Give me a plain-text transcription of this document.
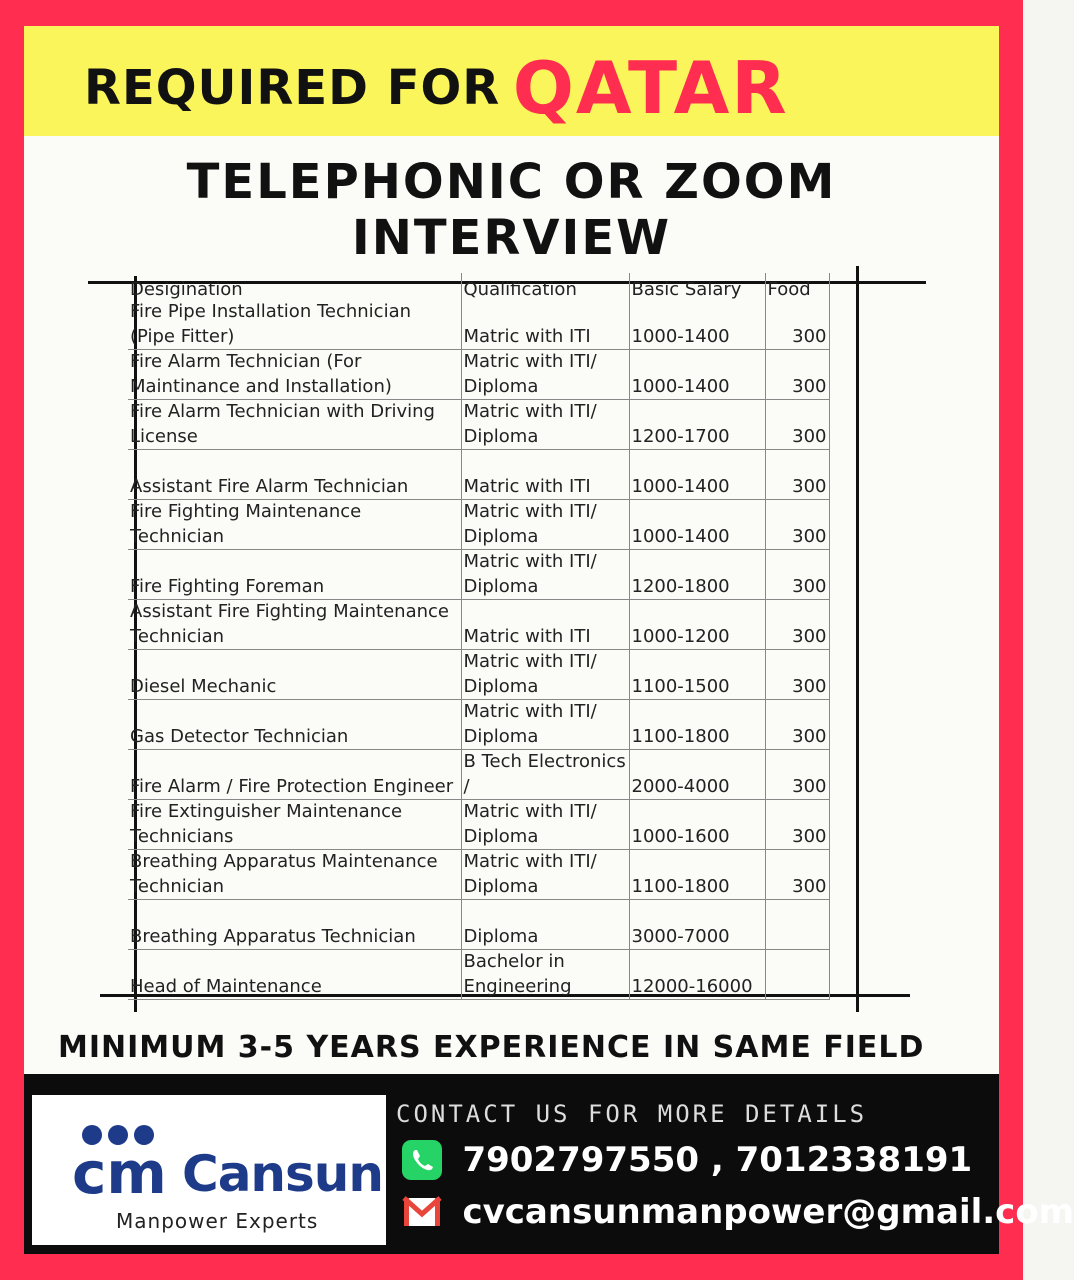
REQUIRED FOR QATAR
TELEPHONIC OR ZOOM
INTERVIEW
Desigination	Qualification	Basic Salary	Food
Fire Pipe Installation Technician (Pipe Fitter)	Matric with ITI	1000-1400	300
Fire Alarm Technician (For Maintinance and Installation)	Matric with ITI/ Diploma	1000-1400	300
Fire Alarm Technician with Driving License	Matric with ITI/ Diploma	1200-1700	300
Assistant Fire Alarm Technician	Matric with ITI	1000-1400	300
Fire Fighting Maintenance Technician	Matric with ITI/ Diploma	1000-1400	300
Fire Fighting Foreman	Matric with ITI/ Diploma	1200-1800	300
Assistant Fire Fighting Maintenance Technician	Matric with ITI	1000-1200	300
Diesel Mechanic	Matric with ITI/ Diploma	1100-1500	300
Gas Detector Technician	Matric with ITI/ Diploma	1100-1800	300
Fire Alarm / Fire Protection Engineer	B Tech Electronics /	2000-4000	300
Fire Extinguisher Maintenance Technicians	Matric with ITI/ Diploma	1000-1600	300
Breathing Apparatus Maintenance Technician	Matric with ITI/ Diploma	1100-1800	300
Breathing Apparatus Technician	Diploma	3000-7000	
Head of Maintenance	Bachelor in Engineering	12000-16000	
MINIMUM 3-5 YEARS EXPERIENCE IN SAME FIELD
cm Cansun
Manpower Experts
CONTACT US FOR MORE DETAILS
7902797550 , 7012338191
cvcansunmanpower@gmail.com
